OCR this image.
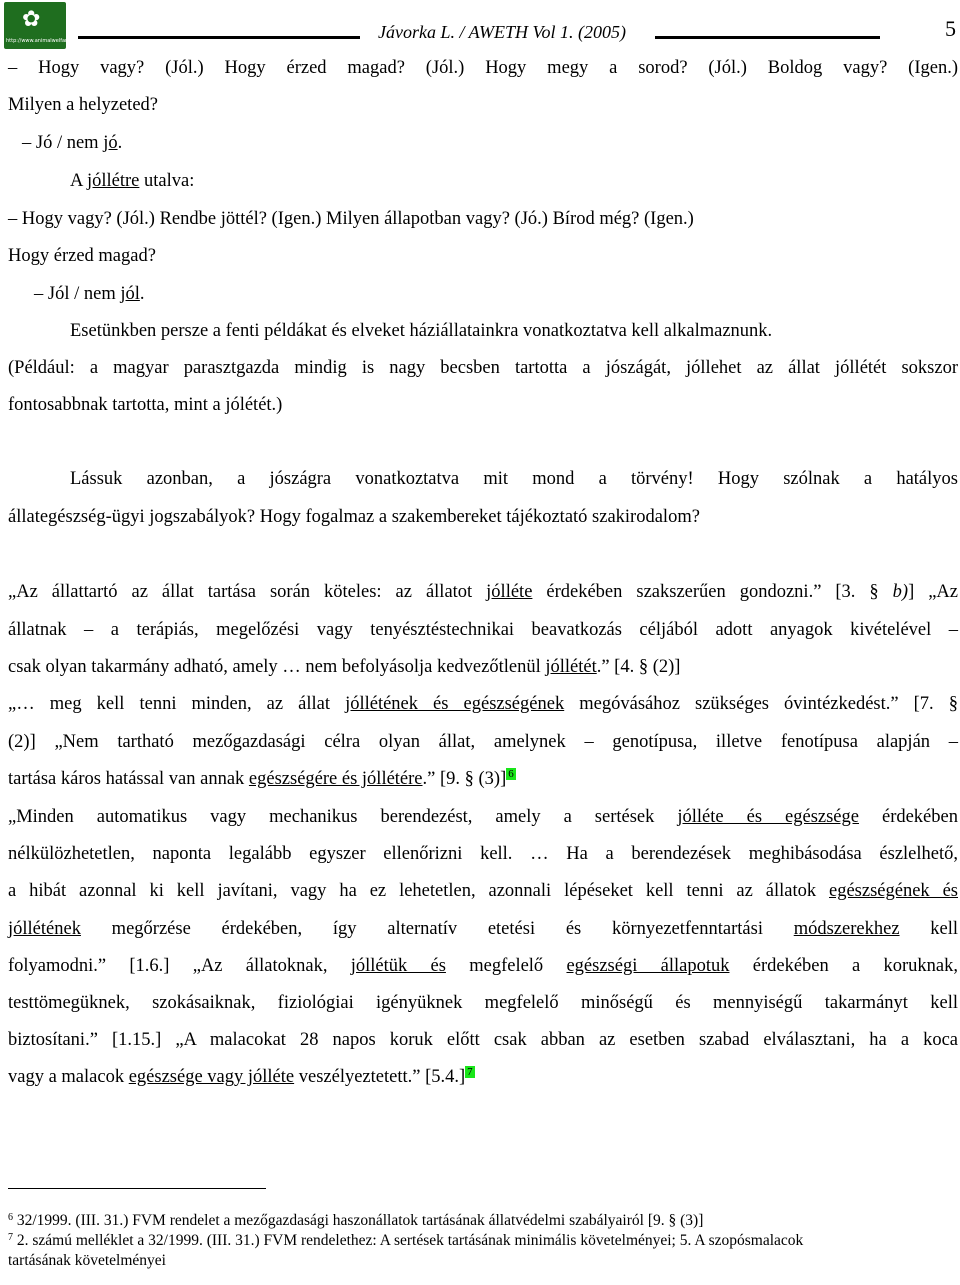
✿
http://www.animalwelfare.hu	Jávorka L. / AWETH Vol 1. (2005)	5
– Hogy vagy? (Jól.) Hogy érzed magad? (Jól.) Hogy megy a sorod? (Jól.) Boldog vagy? (Igen.)
Milyen a helyzeted?
– Jó / nem jó.
A jóllétre utalva:
– Hogy vagy? (Jól.) Rendbe jöttél? (Igen.) Milyen állapotban vagy? (Jó.) Bírod még? (Igen.)
Hogy érzed magad?
– Jól / nem jól.
Esetünkben persze a fenti példákat és elveket háziállatainkra vonatkoztatva kell alkalmaznunk.
(Például: a magyar parasztgazda mindig is nagy becsben tartotta a jószágát, jóllehet az állat jóllétét sokszor
fontosabbnak tartotta, mint a jólétét.)
Lássuk azonban, a jószágra vonatkoztatva mit mond a törvény! Hogy szólnak a hatályos
állategészség-ügyi jogszabályok? Hogy fogalmaz a szakembereket tájékoztató szakirodalom?
„Az állattartó az állat tartása során köteles: az állatot jólléte érdekében szakszerűen gondozni.” [3. § b)] „Az
állatnak – a terápiás, megelőzési vagy tenyésztéstechnikai beavatkozás céljából adott anyagok kivételével –
csak olyan takarmány adható, amely … nem befolyásolja kedvezőtlenül jóllétét.” [4. § (2)]
„… meg kell tenni minden, az állat jóllétének és egészségének megóvásához szükséges óvintézkedést.” [7. §
(2)] „Nem tartható mezőgazdasági célra olyan állat, amelynek – genotípusa, illetve fenotípusa alapján –
tartása káros hatással van annak egészségére és jóllétére.” [9. § (3)] $^6$
„Minden automatikus vagy mechanikus berendezést, amely a sertések jólléte és egészsége érdekében
nélkülözhetetlen, naponta legalább egyszer ellenőrizni kell. … Ha a berendezések meghibásodása észlelhető,
a hibát azonnal ki kell javítani, vagy ha ez lehetetlen, azonnali lépéseket kell tenni az állatok egészségének és
jóllétének megőrzése érdekében, így alternatív etetési és környezetfenntartási módszerekhez kell
folyamodni.” [1.6.] „Az állatoknak, jóllétük és megfelelő egészségi állapotuk érdekében a koruknak,
testtömegüknek, szokásaiknak, fiziológiai igényüknek megfelelő minőségű és mennyiségű takarmányt kell
biztosítani.” [1.15.] „A malacokat 28 napos koruk előtt csak abban az esetben szabad elválasztani, ha a koca
vagy a malacok egészsége vagy jólléte veszélyeztetett.” [5.4.] $^7$
$^6$ 32/1999. (III. 31.) FVM rendelet a mezőgazdasági haszonállatok tartásának állatvédelmi szabályairól [9. § (3)]
$^7$ 2. számú melléklet a 32/1999. (III. 31.) FVM rendelethez: A sertések tartásának minimális követelményei; 5. A szopósmalacok
tartásának követelményei
